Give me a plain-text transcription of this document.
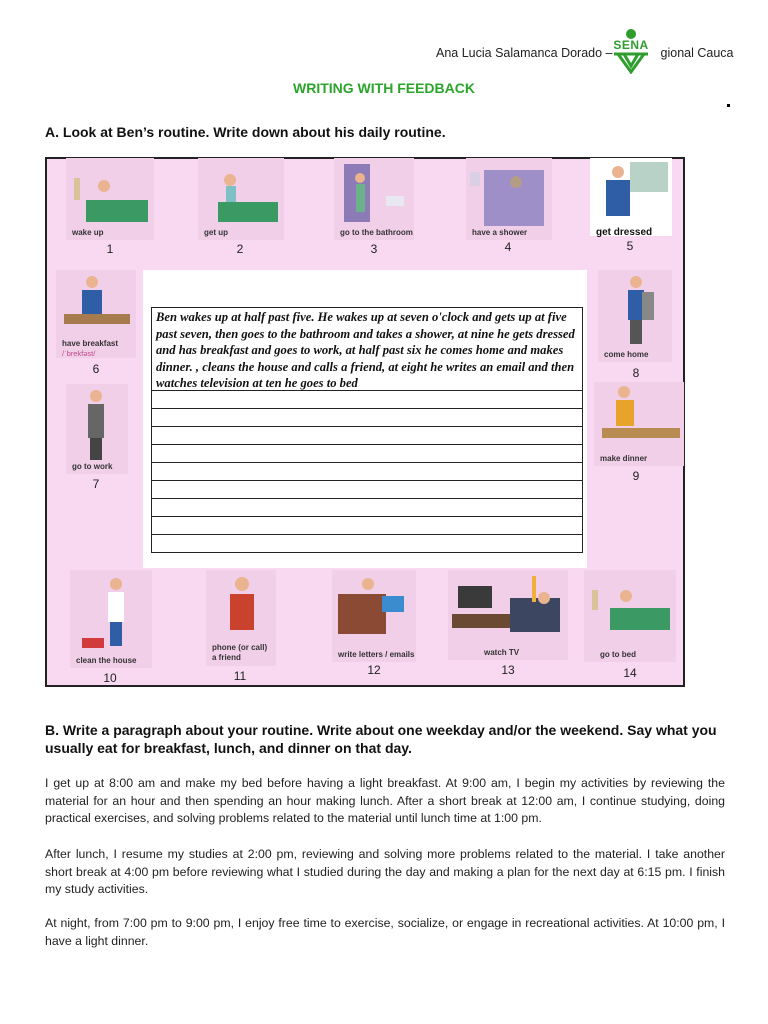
Ana Lucia Salamanca Dorado –	gional Cauca
SENA
WRITING WITH FEEDBACK
A. Look at Ben’s routine. Write down about his daily routine.
wake up
1
get up
2
go to the bathroom
3
have a shower
4
get dressed
5
have breakfast
/ˈbrekfəst/
6
come home
8
go to work
7
make dinner
9
clean the house
10
phone (or call) a friend
11
write letters / emails
12
watch TV
13
go to bed
14
Ben wakes up at half past five. He wakes up at seven o'clock and gets up at five past seven, then goes to the bathroom and takes a shower, at nine he gets dressed and has breakfast and goes to work, at half past six he comes home and makes dinner. , cleans the house and calls a friend, at eight he writes an email and then watches television at ten he goes to bed
B. Write a paragraph about your routine. Write about one weekday and/or the weekend. Say what you usually eat for breakfast, lunch, and dinner on that day.
I get up at 8:00 am and make my bed before having a light breakfast. At 9:00 am, I begin my activities by reviewing the material for an hour and then spending an hour making lunch. After a short break at 12:00 am, I continue studying, doing practical exercises, and solving problems related to the material until lunch time at 1:00 pm.
After lunch, I resume my studies at 2:00 pm, reviewing and solving more problems related to the material. I take another short break at 4:00 pm before reviewing what I studied during the day and making a plan for the next day at 6:15 pm. I finish my study activities.
At night, from 7:00 pm to 9:00 pm, I enjoy free time to exercise, socialize, or engage in recreational activities. At 10:00 pm, I have a light dinner.
